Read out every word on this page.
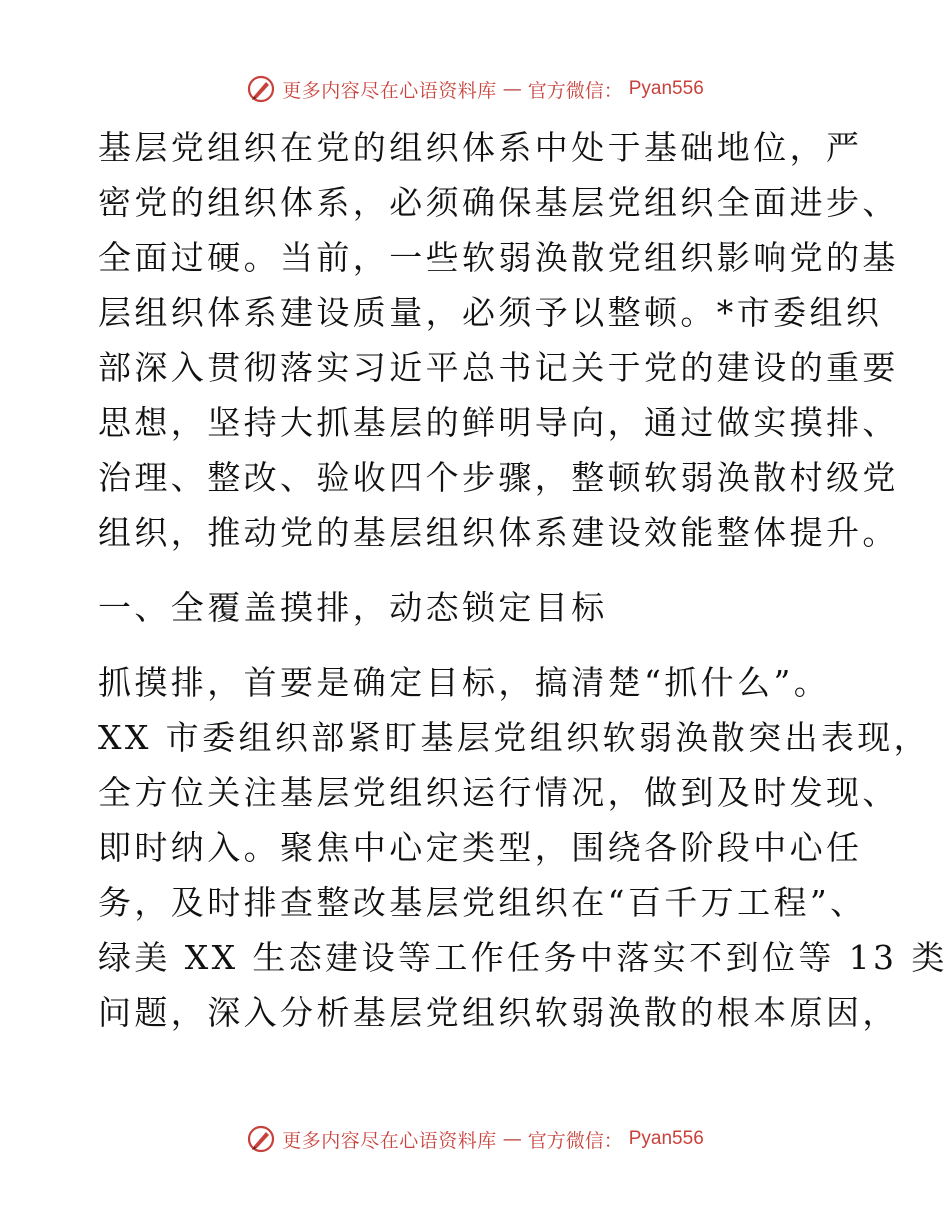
更多内容尽在心语资料库 — 官方微信： Pyan556
基层党组织在党的组织体系中处于基础地位，严
密党的组织体系，必须确保基层党组织全面进步、
全面过硬。当前，一些软弱涣散党组织影响党的基
层组织体系建设质量，必须予以整顿。*市委组织
部深入贯彻落实习近平总书记关于党的建设的重要
思想，坚持大抓基层的鲜明导向，通过做实摸排、
治理、整改、验收四个步骤，整顿软弱涣散村级党
组织，推动党的基层组织体系建设效能整体提升。
一、全覆盖摸排，动态锁定目标
抓摸排，首要是确定目标，搞清楚“抓什么”。
XX 市委组织部紧盯基层党组织软弱涣散突出表现，
全方位关注基层党组织运行情况，做到及时发现、
即时纳入。聚焦中心定类型，围绕各阶段中心任
务，及时排查整改基层党组织在“百千万工程”、
绿美 XX 生态建设等工作任务中落实不到位等 13 类
问题，深入分析基层党组织软弱涣散的根本原因，
更多内容尽在心语资料库 — 官方微信： Pyan556
